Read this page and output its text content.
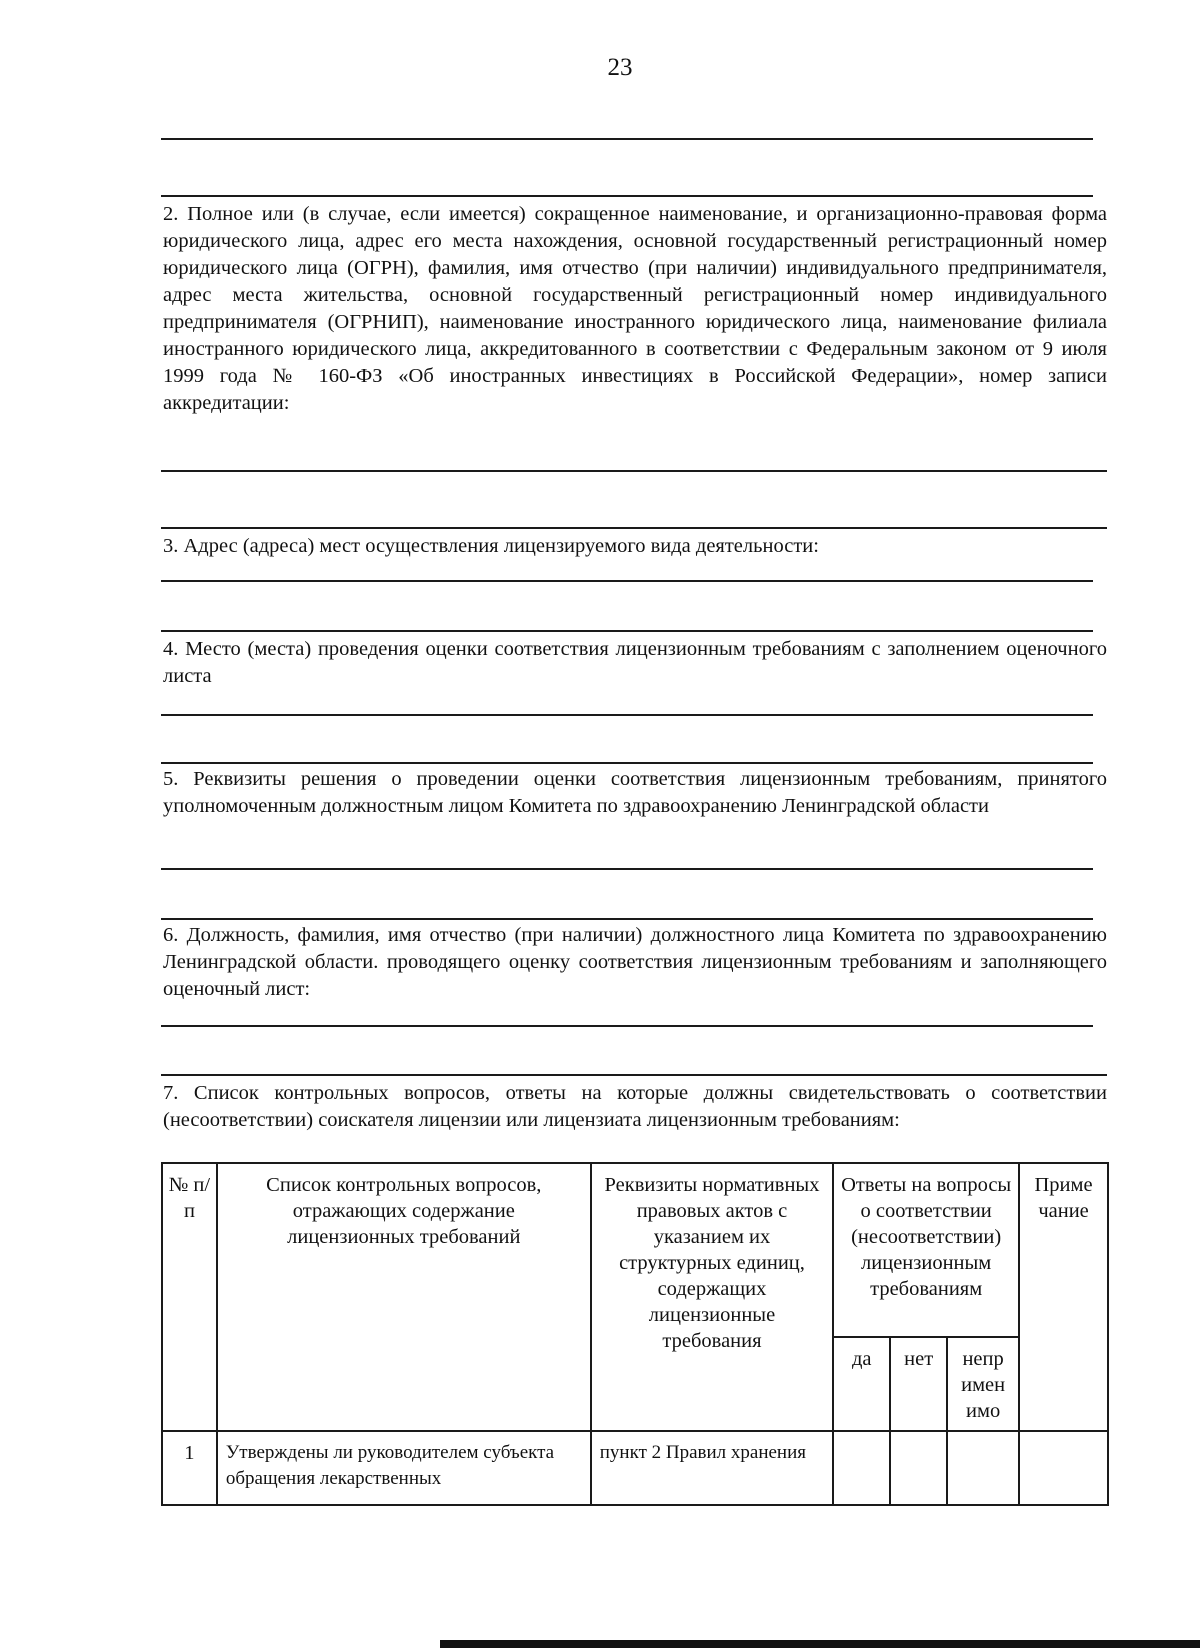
23
2. Полное или (в случае, если имеется) сокращенное наименование, и организационно-правовая форма юридического лица, адрес его места нахождения, основной государственный регистрационный номер юридического лица (ОГРН), фамилия, имя отчество (при наличии) индивидуального предпринимателя, адрес места жительства, основной государственный регистрационный номер индивидуального предпринимателя (ОГРНИП), наименование иностранного юридического лица, наименование филиала иностранного юридического лица, аккредитованного в соответствии с Федеральным законом от 9 июля 1999 года № 160-ФЗ «Об иностранных инвестициях в Российской Федерации», номер записи аккредитации:
3. Адрес (адреса) мест осуществления лицензируемого вида деятельности:
4. Место (места) проведения оценки соответствия лицензионным требованиям с заполнением оценочного листа
5. Реквизиты решения о проведении оценки соответствия лицензионным требованиям, принятого уполномоченным должностным лицом Комитета по здравоохранению Ленинградской области
6. Должность, фамилия, имя отчество (при наличии) должностного лица Комитета по здравоохранению Ленинградской области. проводящего оценку соответствия лицензионным требованиям и заполняющего оценочный лист:
7. Список контрольных вопросов, ответы на которые должны свидетельствовать о соответствии (несоответствии) соискателя лицензии или лицензиата лицензионным требованиям:
№ п/п	Список контрольных вопросов, отражающих содержание лицензионных требований	Реквизиты нормативных правовых актов с указанием их структурных единиц, содержащих лицензионные требования	Ответы на вопросы о соответствии (несоответствии) лицензионным требованиям			Приме чание
			да	нет	непр имен имо	
1	Утверждены ли руководителем субъекта обращения лекарственных	пункт 2 Правил хранения				
